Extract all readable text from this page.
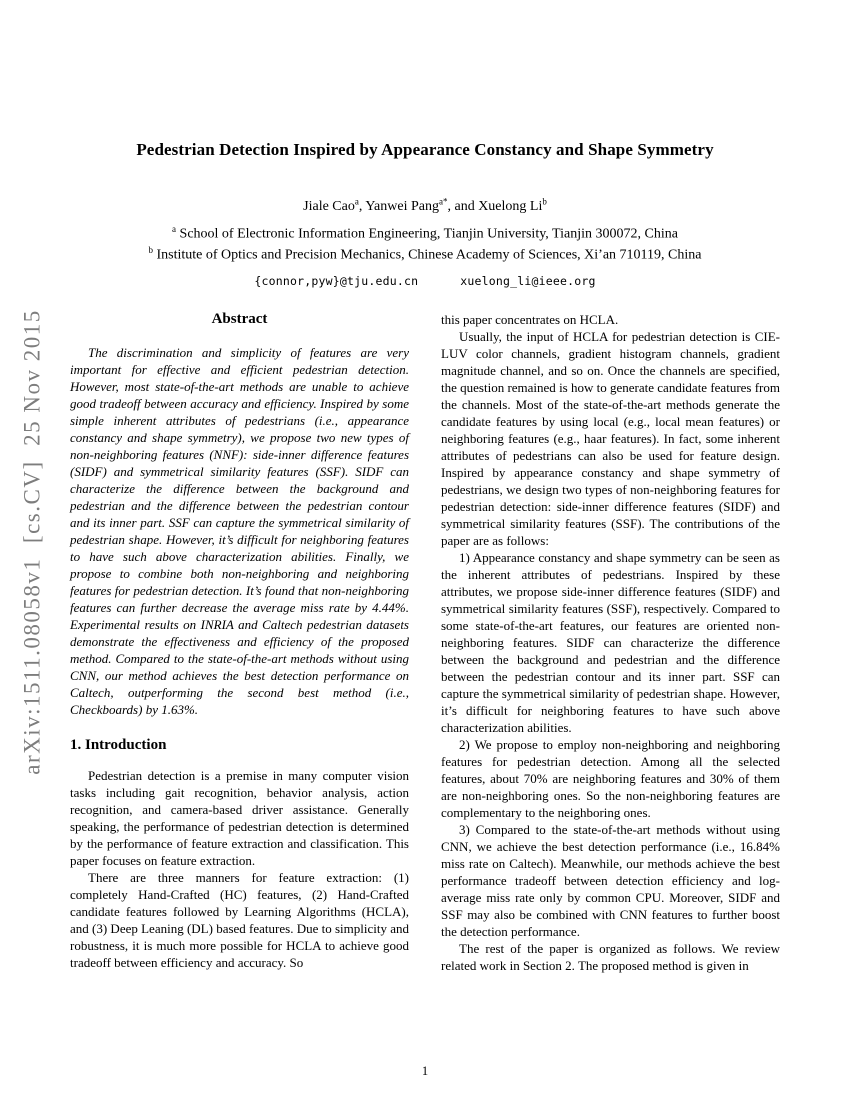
arXiv:1511.08058v1  [cs.CV]  25 Nov 2015
Pedestrian Detection Inspired by Appearance Constancy and Shape Symmetry
Jiale Cao$^a$, Yanwei Pang$^{a*}$, and Xuelong Li$^b$
$^a$ School of Electronic Information Engineering, Tianjin University, Tianjin 300072, China
$^b$ Institute of Optics and Precision Mechanics, Chinese Academy of Sciences, Xi’an 710119, China
{connor,pyw}@tju.edu.cn	xuelong_li@ieee.org
Abstract

The discrimination and simplicity of features are very important for effective and efficient pedestrian detection. However, most state-of-the-art methods are unable to achieve good tradeoff between accuracy and efficiency. Inspired by some simple inherent attributes of pedestrians (i.e., appearance constancy and shape symmetry), we propose two new types of non-neighboring features (NNF): side-inner difference features (SIDF) and symmetrical similarity features (SSF). SIDF can characterize the difference between the background and pedestrian and the difference between the pedestrian contour and its inner part. SSF can capture the symmetrical similarity of pedestrian shape. However, it’s difficult for neighboring features to have such above characterization abilities. Finally, we propose to combine both non-neighboring and neighboring features for pedestrian detection. It’s found that non-neighboring features can further decrease the average miss rate by 4.44%. Experimental results on INRIA and Caltech pedestrian datasets demonstrate the effectiveness and efficiency of the proposed method. Compared to the state-of-the-art methods without using CNN, our method achieves the best detection performance on Caltech, outperforming the second best method (i.e., Checkboards) by 1.63%.

1. Introduction

Pedestrian detection is a premise in many computer vision tasks including gait recognition, behavior analysis, action recognition, and camera-based driver assistance. Generally speaking, the performance of pedestrian detection is determined by the performance of feature extraction and classification. This paper focuses on feature extraction.

There are three manners for feature extraction: (1) completely Hand-Crafted (HC) features, (2) Hand-Crafted candidate features followed by Learning Algorithms (HCLA), and (3) Deep Leaning (DL) based features. Due to simplicity and robustness, it is much more possible for HCLA to achieve good tradeoff between efficiency and accuracy. So

this paper concentrates on HCLA.

Usually, the input of HCLA for pedestrian detection is CIE-LUV color channels, gradient histogram channels, gradient magnitude channel, and so on. Once the channels are specified, the question remained is how to generate candidate features from the channels. Most of the state-of-the-art methods generate the candidate features by using local (e.g., local mean features) or neighboring features (e.g., haar features). In fact, some inherent attributes of pedestrians can also be used for feature design. Inspired by appearance constancy and shape symmetry of pedestrians, we design two types of non-neighboring features for pedestrian detection: side-inner difference features (SIDF) and symmetrical similarity features (SSF). The contributions of the paper are as follows:

1) Appearance constancy and shape symmetry can be seen as the inherent attributes of pedestrians. Inspired by these attributes, we propose side-inner difference features (SIDF) and symmetrical similarity features (SSF), respectively. Compared to some state-of-the-art features, our features are oriented non-neighboring features. SIDF can characterize the difference between the background and pedestrian and the difference between the pedestrian contour and its inner part. SSF can capture the symmetrical similarity of pedestrian shape. However, it’s difficult for neighboring features to have such above characterization abilities.

2) We propose to employ non-neighboring and neighboring features for pedestrian detection. Among all the selected features, about 70% are neighboring features and 30% of them are non-neighboring ones. So the non-neighboring features are complementary to the neighboring ones.

3) Compared to the state-of-the-art methods without using CNN, we achieve the best detection performance (i.e., 16.84% miss rate on Caltech). Meanwhile, our methods achieve the best performance tradeoff between detection efficiency and log-average miss rate only by common CPU. Moreover, SIDF and SSF may also be combined with CNN features to further boost the detection performance.

The rest of the paper is organized as follows. We review related work in Section 2. The proposed method is given in

1
